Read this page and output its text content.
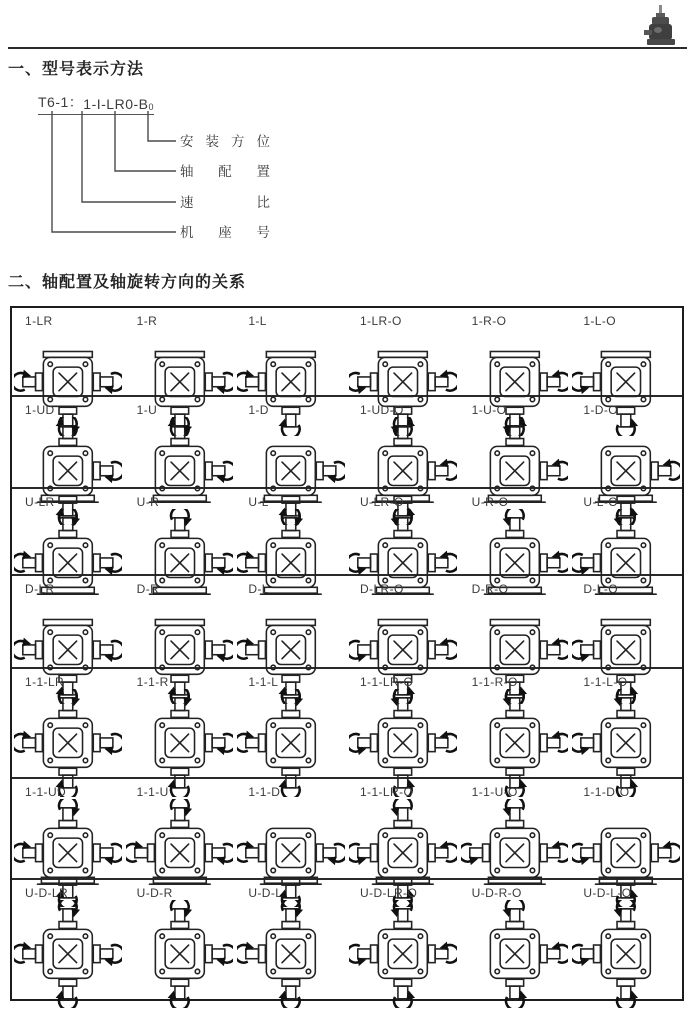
一、型号表示方法
T6-1： 1-I- LR0- $B_0$
安 装 方 位
轴 配 置
速	比
机 座 号
二、轴配置及轴旋转方向的关系
1-LR	1-R	1-L	1-LR-O	1-R-O	1-L-O
1-UD	1-U	1-D	1-UD-O	1-U-O	1-D-O
U-LR	U-R	U-L	U-LR-O	U-R-O	U-L-O
D-LR	D-R	D-L	D-LR-O	D-R-O	D-L-O
1-1-LR	1-1-R	1-1-L	1-1-LR-O	1-1-R-O	1-1-L-O
1-1-UD	1-1-U	1-1-D	1-1-LR-O	1-1-U-O	1-1-D-O
U-D-LR	U-D-R	U-D-L	U-D-LR-O	U-D-R-O	U-D-L-O
